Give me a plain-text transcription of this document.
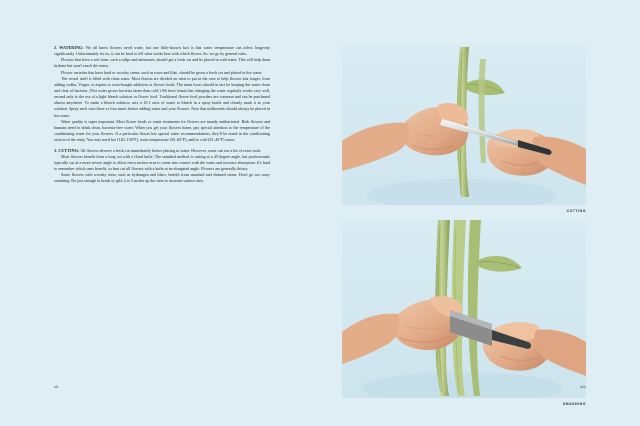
2. WATERING: We all know flowers need water, but one little-known fact is that water temperature can affect longevity significantly. Unfortunately for us, it can be hard to tell what works best with which flower. So, we go by general rules.

Flowers that have a soft stem, such a tulips and anemones, should get a fresh cut and be placed in cold water. This will help them hydrate but won't reach the stems.

Flower varieties that have hard or woodsy stems, such as roses and lilac, should be given a fresh cut and placed in hot water.

The vessel itself is filled with clean water. Most florists are divided on what to put in the vase to help flowers last longer, from adding vodka, Viagra, or aspirin to store-bought additives or flower foods. The main focus should in fact be keeping the water clean and clear of bacteria. (Not water grows bacteria faster than cold.) We have found that changing the water regularly works very well, second only to the use of a light bleach solution or flower food. Traditional flower food powders are common and can be purchased almost anywhere. To make a bleach solution, mix a 10:1 ratio of water to bleach in a spray bottle and cleanly mark it as your solution. Spray each vase three or four times before adding water and your flowers. Note that milkweeds should always be placed in hot water.

Water quality is super important. Most flower foods or water treatments for flowers are mainly antibacterial. Both flowers and humans need to drink clean, bacteria-free water. When you get your flowers home, pay special attention to the temperature of the conditioning water for your flowers. If a particular flower has special water recommendations, they'll be noted in the conditioning section of the entry. You may need hot (120–130°F), room temperature (50–60°F), and/or cold (35–40°F) water.

3. CUTTING: All flowers deserve a fresh cut immediately before placing in water. However, some can use a bit of extra work.

Most flowers benefit from a long cut with a floral knife. The standard method is cutting at a 45-degree angle, but professionals typically cut at a more severe angle to allow extra surface area to come into contact with the water and increase absorption. It's hard to remember which ones benefit, so best cut all flowers with a knife at an elongated angle. Flowers are generally thirsty.

Some flowers with woodsy stem, such as hydrangea and lilacs, benefit from smashed and shinned stems. Don't go too crazy smashing. Do just enough to break or split 2 to 3 inches up the stem to increase surface area.

xii
CUTTING
SMASHING
xiii
